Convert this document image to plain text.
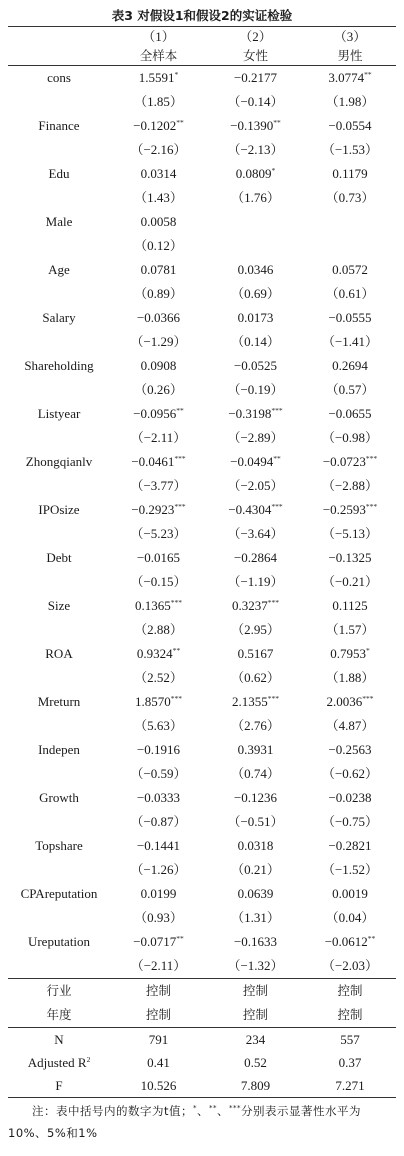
表3 对假设1和假设2的实证检验
	（1）	（2）	（3）
	全样本	女性	男性
cons	1.5591*	−0.2177	3.0774**
	（1.85）	（−0.14）	（1.98）
Finance	−0.1202**	−0.1390**	−0.0554
	（−2.16）	（−2.13）	（−1.53）
Edu	0.0314	0.0809*	0.1179
	（1.43）	（1.76）	（0.73）
Male	0.0058		
	（0.12）		
Age	0.0781	0.0346	0.0572
	（0.89）	（0.69）	（0.61）
Salary	−0.0366	0.0173	−0.0555
	（−1.29）	（0.14）	（−1.41）
Shareholding	0.0908	−0.0525	0.2694
	（0.26）	（−0.19）	（0.57）
Listyear	−0.0956**	−0.3198***	−0.0655
	（−2.11）	（−2.89）	（−0.98）
Zhongqianlv	−0.0461***	−0.0494**	−0.0723***
	（−3.77）	（−2.05）	（−2.88）
IPOsize	−0.2923***	−0.4304***	−0.2593***
	（−5.23）	（−3.64）	（−5.13）
Debt	−0.0165	−0.2864	−0.1325
	（−0.15）	（−1.19）	（−0.21）
Size	0.1365***	0.3237***	0.1125
	（2.88）	（2.95）	（1.57）
ROA	0.9324**	0.5167	0.7953*
	（2.52）	（0.62）	（1.88）
Mreturn	1.8570***	2.1355***	2.0036***
	（5.63）	（2.76）	（4.87）
Indepen	−0.1916	0.3931	−0.2563
	（−0.59）	（0.74）	（−0.62）
Growth	−0.0333	−0.1236	−0.0238
	（−0.87）	（−0.51）	（−0.75）
Topshare	−0.1441	0.0318	−0.2821
	（−1.26）	（0.21）	（−1.52）
CPAreputation	0.0199	0.0639	0.0019
	（0.93）	（1.31）	（0.04）
Ureputation	−0.0717**	−0.1633	−0.0612**
	（−2.11）	（−1.32）	（−2.03）
行业	控制	控制	控制
年度	控制	控制	控制
N	791	234	557
Adjusted $R^2$	0.41	0.52	0.37
F	10.526	7.809	7.271
注：表中括号内的数字为t值；*、**、***分别表示显著性水平为10%、5%和1%
